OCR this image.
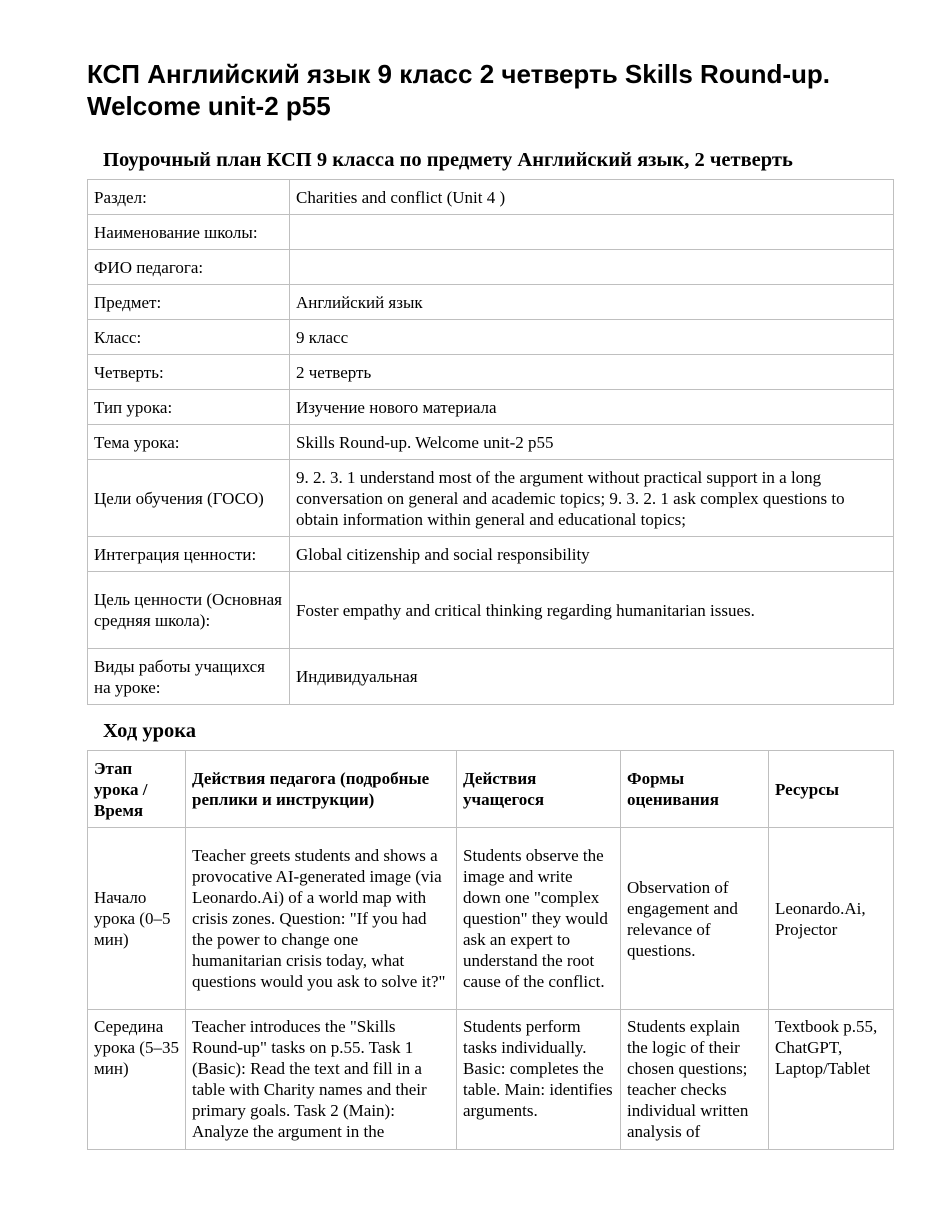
КСП Английский язык 9 класс 2 четверть Skills Round-up. Welcome unit-2 p55
Поурочный план КСП 9 класса по предмету Английский язык, 2 четверть
Раздел:	Charities and conflict (Unit 4 )
Наименование школы:	
ФИО педагога:	
Предмет:	Английский язык
Класс:	9 класс
Четверть:	2 четверть
Тип урока:	Изучение нового материала
Тема урока:	Skills Round-up. Welcome unit-2 p55
Цели обучения (ГОСО)	9. 2. 3. 1 understand most of the argument without practical support in a long conversation on general and academic topics; 9. 3. 2. 1 ask complex questions to obtain information within general and educational topics;
Интеграция ценности:	Global citizenship and social responsibility
Цель ценности (Основная средняя школа):	Foster empathy and critical thinking regarding humanitarian issues.
Виды работы учащихся на уроке:	Индивидуальная
Ход урока
Этап урока / Время	Действия педагога (подробные реплики и инструкции)	Действия учащегося	Формы оценивания	Ресурсы
Начало урока (0–5 мин)	Teacher greets students and shows a provocative AI-generated image (via Leonardo.Ai) of a world map with crisis zones. Question: "If you had the power to change one humanitarian crisis today, what questions would you ask to solve it?"	Students observe the image and write down one "complex question" they would ask an expert to understand the root cause of the conflict.	Observation of engagement and relevance of questions.	Leonardo.Ai, Projector
Середина урока (5–35 мин)	Teacher introduces the "Skills Round-up" tasks on p.55. Task 1 (Basic): Read the text and fill in a table with Charity names and their primary goals. Task 2 (Main): Analyze the argument in the	Students perform tasks individually. Basic: completes the table. Main: identifies arguments.	Students explain the logic of their chosen questions; teacher checks individual written analysis of	Textbook p.55, ChatGPT, Laptop/Tablet
